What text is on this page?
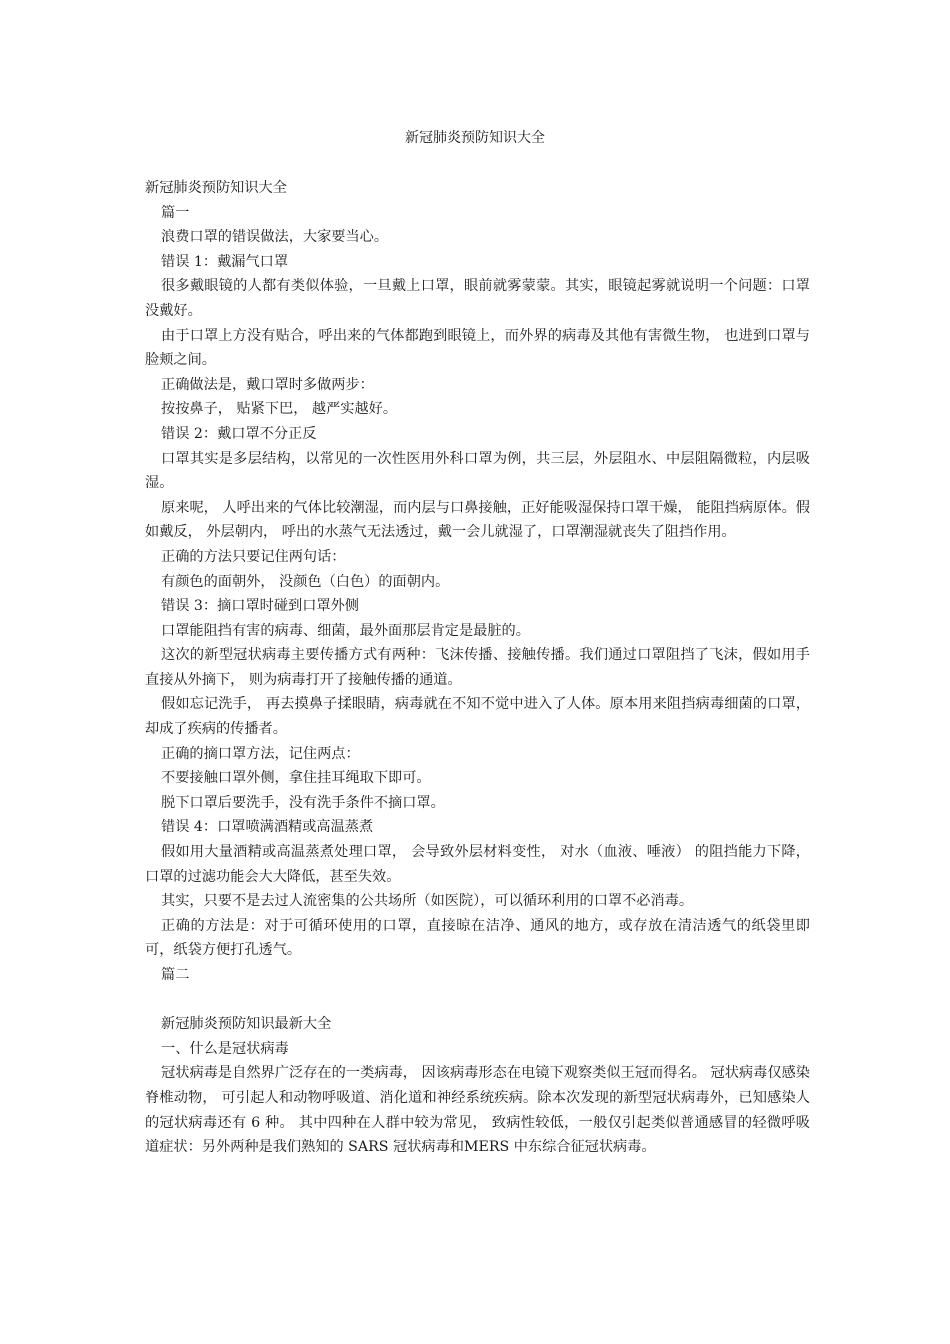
新冠肺炎预防知识大全

新冠肺炎预防知识大全

篇一

浪费口罩的错误做法，大家要当心。

错误 1：戴漏气口罩

很多戴眼镜的人都有类似体验，一旦戴上口罩，眼前就雾蒙蒙。其实，眼镜起雾就说明一个问题：口罩没戴好。

由于口罩上方没有贴合，呼出来的气体都跑到眼镜上，而外界的病毒及其他有害微生物， 也进到口罩与脸颊之间。

正确做法是，戴口罩时多做两步：

按按鼻子， 贴紧下巴， 越严实越好。

错误 2：戴口罩不分正反

口罩其实是多层结构，以常见的一次性医用外科口罩为例，共三层，外层阻水、中层阻隔微粒，内层吸湿。

原来呢， 人呼出来的气体比较潮湿，而内层与口鼻接触，正好能吸湿保持口罩干燥， 能阻挡病原体。假如戴反， 外层朝内， 呼出的水蒸气无法透过，戴一会儿就湿了，口罩潮湿就丧失了阻挡作用。

正确的方法只要记住两句话：

有颜色的面朝外， 没颜色（白色）的面朝内。

错误 3：摘口罩时碰到口罩外侧

口罩能阻挡有害的病毒、细菌，最外面那层肯定是最脏的。

这次的新型冠状病毒主要传播方式有两种：飞沫传播、接触传播。我们通过口罩阻挡了飞沫，假如用手直接从外摘下， 则为病毒打开了接触传播的通道。

假如忘记洗手， 再去摸鼻子揉眼睛，病毒就在不知不觉中进入了人体。原本用来阻挡病毒细菌的口罩，却成了疾病的传播者。

正确的摘口罩方法，记住两点：

不要接触口罩外侧，拿住挂耳绳取下即可。

脱下口罩后要洗手，没有洗手条件不摘口罩。

错误 4：口罩喷满酒精或高温蒸煮

假如用大量酒精或高温蒸煮处理口罩， 会导致外层材料变性， 对水（血液、唾液） 的阻挡能力下降，口罩的过滤功能会大大降低，甚至失效。

其实，只要不是去过人流密集的公共场所（如医院），可以循环利用的口罩不必消毒。

正确的方法是：对于可循环使用的口罩，直接晾在洁净、通风的地方，或存放在清洁透气的纸袋里即可，纸袋方便打孔透气。

篇二

新冠肺炎预防知识最新大全

一、什么是冠状病毒

冠状病毒是自然界广泛存在的一类病毒， 因该病毒形态在电镜下观察类似王冠而得名。 冠状病毒仅感染脊椎动物， 可引起人和动物呼吸道、消化道和神经系统疾病。除本次发现的新型冠状病毒外，已知感染人的冠状病毒还有 6 种。 其中四种在人群中较为常见， 致病性较低，一般仅引起类似普通感冒的轻微呼吸道症状：另外两种是我们熟知的 SARS 冠状病毒和MERS 中东综合征冠状病毒。
